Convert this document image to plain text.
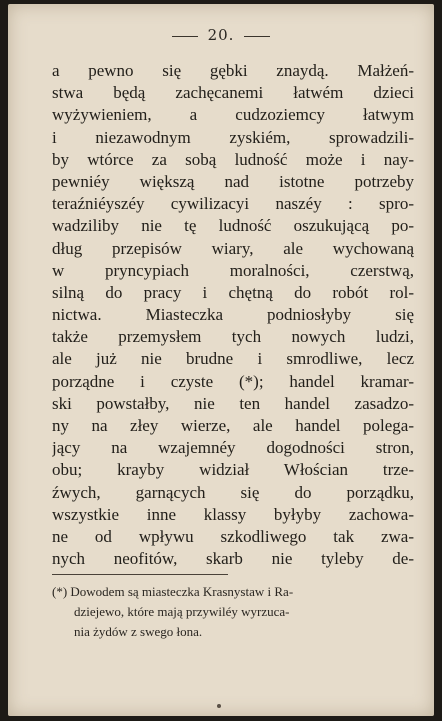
20.
a pewno się gębki znaydą. Małżeń-
stwa będą zachęcanemi łatwém dzieci
wyżywieniem, a cudzoziemcy łatwym
i niezawodnym zyskiém, sprowadzili-
by wtórce za sobą ludność może i nay-
pewniéy większą nad istotne potrzeby
teraźniéyszéy cywilizacyi naszéy : spro-
wadziliby nie tę ludność oszukującą po-
dług przepisów wiary, ale wychowaną
w pryncypiach moralności, czerstwą,
silną do pracy i chętną do robót rol-
nictwa. Miasteczka podniosłyby się
także przemysłem tych nowych ludzi,
ale już nie brudne i smrodliwe, lecz
porządne i czyste (*); handel kramar-
ski powstałby, nie ten handel zasadzo-
ny na złey wierze, ale handel polega-
jący na wzajemnéy dogodności stron,
obu; krayby widział Włościan trze-
źwych, garnących się do porządku,
wszystkie inne klassy byłyby zachowa-
ne od wpływu szkodliwego tak zwa-
nych neofitów, skarb nie tyleby de-
(*) Dowodem są miasteczka Krasnystaw i Ra-
dziejewo, które mają przywiléy wyrzuca-
nia żydów z swego łona.
